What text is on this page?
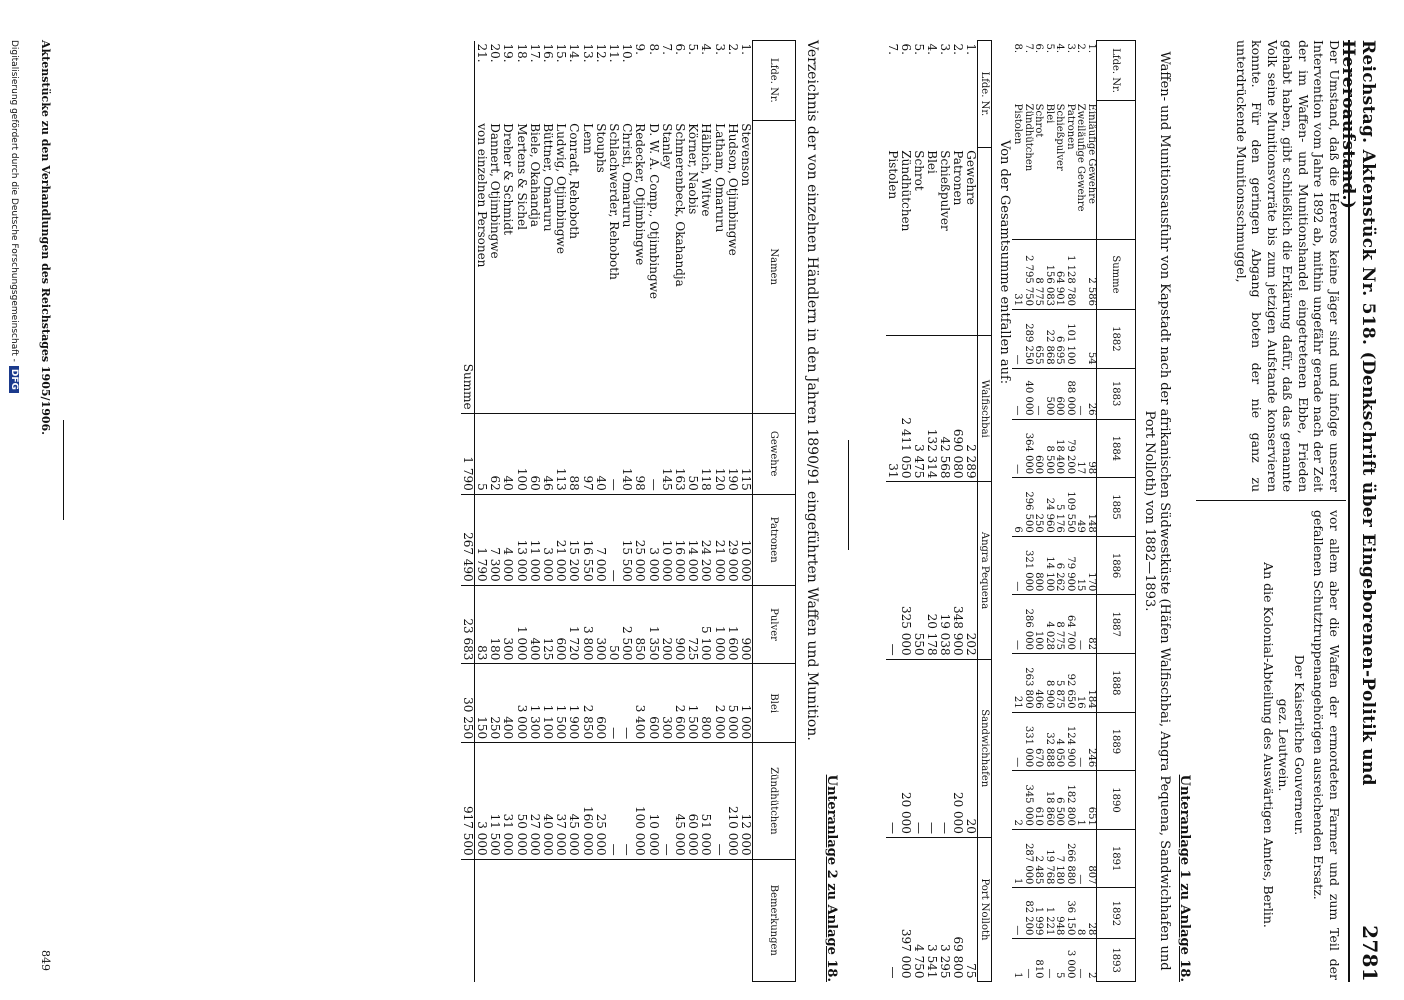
Reichstag. Aktenstück Nr. 518. (Denkschrift über Eingeborenen-Politik und Hereroaufstand.)
2781
Der Umstand, daß die Hereros keine Jäger sind und infolge unserer Intervention vom Jahre 1892 ab, mithin ungefähr gerade nach der Zeit der im Waffen- und Munitionshandel eingetretenen Ebbe, Frieden gehabt haben, gibt schließlich die Erklärung dafür, daß das genannte Volk seine Munitionsvorräte bis zum jetzigen Aufstande konservieren konnte. Für den geringen Abgang boten der nie ganz zu unterdrückende Munitionsschmuggel,
vor allem aber die Waffen der ermordeten Farmer und zum Teil der gefallenen Schutztruppenangehörigen ausreichenden Ersatz.
Der Kaiserliche Gouverneur.
gez. Leutwein.
An die Kolonial-Abteilung des Auswärtigen Amtes, Berlin.
Unteranlage 1 zu Anlage 18.
Waffen- und Munitionsausfuhr von Kapstadt nach der afrikanischen Südwestküste (Häfen Walfischbai, Angra Pequena, Sandwichhafen und Port Nolloth) von 1882—1893.
Lfde. Nr.		Summe	1882	1883	1884	1885	1886	1887	1888	1889	1890	1891	1892	1893
1.	Einläufige Gewehre	2 586	54	26	98	148	170	82	184	246	651	807	28	2
2.	Zweiläufige Gewehre			—	17	49	15	—	16	—	1	—	8	—
3.	Patronen	1 128 780	101 100	88 000	79 200	109 550	79 900	64 700	92 650	124 900	182 800	266 880	36 150	3 000
4.	Schießpulver	64 901	6 695	600	18 400	5 176	6 262	8 775	5 875	4 050	6 500	7 180	948	5
5.	Blei	156 083	22 868	500	8 500	24 960	14 100	4 028	8 900	32 888	18 860	19 768	1 221	—
6.	Schrot	8 775	655	—	600	250	800	100	406	670	610	2 485	1 999	810
7.	Zündhütchen	2 795 750	289 250	40 000	364 000	296 500	321 000	286 000	263 800	331 000	345 000	287 000	82 200	—
8.	Pistolen	31	—	—	—	6	—	—	21	—	2	1	—	1
Von der Gesamtsumme entfallen auf:
Lfde. Nr.		Walfischbai	Angra Pequena	Sandwichhafen	Port Nolloth
1.	Gewehre	2 289	202	20	75
2.	Patronen	690 080	348 900	20 000	69 800
3.	Schießpulver	42 568	19 038	—	3 295
4.	Blei	132 314	20 178	—	3 541
5.	Schrot	3 475	550	—	4 750
6.	Zündhütchen	2 411 050	325 000	20 000	397 000
7.	Pistolen	31	—	—	—
Unteranlage 2 zu Anlage 18.
Verzeichnis der von einzelnen Händlern in den Jahren 1890/91 eingeführten Waffen und Munition.
Lfde. Nr.	Namen	Gewehre	Patronen	Pulver	Blei	Zündhütchen	Bemerkungen
1.	Stevenson	115	10 000	900	1 000	12 000	
2.	Hudson, Otjimbingwe	190	29 000	1 600	5 000	210 000	
3.	Latham, Omaruru	120	21 000	1 000	2 000	—	
4.	Hälbich, Witwe	118	24 200	5 100	800	51 000	
5.	Körner, Naobis	50	14 000	725	1 500	60 000	
6.	Schmerenbeck, Okahandja	163	16 000	900	2 600	45 000	
7.	Stanley	145	10 000	200	300	—	
8.	D. W. A. Comp., Otjimbingwe	—	3 000	1 350	600	10 000	
9.	Redecker, Otjimbingwe	98	25 000	850	3 400	100 000	
10.	Christi, Omaruru	140	15 500	2 500	—	—	
11.	Schlachwerder, Rehoboth	—	—	50	—	—	
12.	Stouphs	40	7 000	300	600	25 000	
13.	Lenn	97	16 550	3 800	2 850	160 000	
14.	Conradt, Rehoboth	88	15 200	1 720	1 900	45 000	
15.	Ludwig, Otjimbingwe	113	21 000	600	1 500	37 000	
16.	Büttner, Omaruru	46	3 000	125	1 100	40 000	
17.	Biele, Okahandja	60	11 000	400	1 300	27 000	
18.	Mertens & Sichel	100	13 000	1 000	3 000	50 000	
19.	Dreher & Schmidt	40	4 000	300	400	31 000	
20.	Dannert, Otjimbingwe	62	7 300	180	250	11 500	
21.	von einzelnen Personen	5	1 790	83	150	3 000	
	Summe	1 790	267 490	23 683	30 250	917 500	
Aktenstücke zu den Verhandlungen des Reichstages 1905/1906.
849
Digitalisierung gefördert durch die Deutsche Forschungsgemeinschaft -
DFG
